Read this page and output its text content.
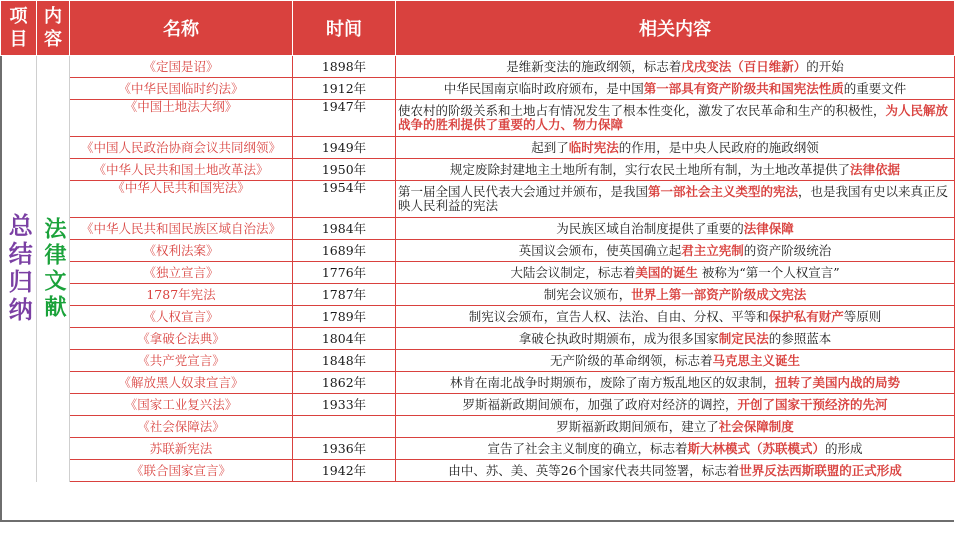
项目	内容	名称	时间	相关内容

总结归纳	法律文献	《定国是诏》	1898年	是维新变法的施政纲领，标志着戊戌变法（百日维新）的开始
		《中华民国临时约法》	1912年	中华民国南京临时政府颁布，是中国第一部具有资产阶级共和国宪法性质的重要文件
		《中国土地法大纲》	1947年	使农村的阶级关系和土地占有情况发生了根本性变化，激发了农民革命和生产的积极性，为人民解放战争的胜利提供了重要的人力、物力保障
		《中国人民政治协商会议共同纲领》	1949年	起到了临时宪法的作用，是中央人民政府的施政纲领
		《中华人民共和国土地改革法》	1950年	规定废除封建地主土地所有制，实行农民土地所有制，为土地改革提供了法律依据
		《中华人民共和国宪法》	1954年	第一届全国人民代表大会通过并颁布，是我国第一部社会主义类型的宪法，也是我国有史以来真正反映人民利益的宪法
		《中华人民共和国民族区域自治法》	1984年	为民族区域自治制度提供了重要的法律保障
		《权利法案》	1689年	英国议会颁布，使英国确立起君主立宪制的资产阶级统治
		《独立宣言》	1776年	大陆会议制定，标志着美国的诞生 被称为“第一个人权宣言”
		1787年宪法	1787年	制宪会议颁布，世界上第一部资产阶级成文宪法
		《人权宣言》	1789年	制宪议会颁布，宣告人权、法治、自由、分权、平等和保护私有财产等原则
		《拿破仑法典》	1804年	拿破仑执政时期颁布，成为很多国家制定民法的参照蓝本
		《共产党宣言》	1848年	无产阶级的革命纲领，标志着马克思主义诞生
		《解放黑人奴隶宣言》	1862年	林肯在南北战争时期颁布，废除了南方叛乱地区的奴隶制，扭转了美国内战的局势
		《国家工业复兴法》	1933年	罗斯福新政期间颁布，加强了政府对经济的调控，开创了国家干预经济的先河
		《社会保障法》		罗斯福新政期间颁布，建立了社会保障制度
		苏联新宪法	1936年	宣告了社会主义制度的确立，标志着斯大林模式（苏联模式）的形成
		《联合国家宣言》	1942年	由中、苏、美、英等26个国家代表共同签署，标志着世界反法西斯联盟的正式形成
